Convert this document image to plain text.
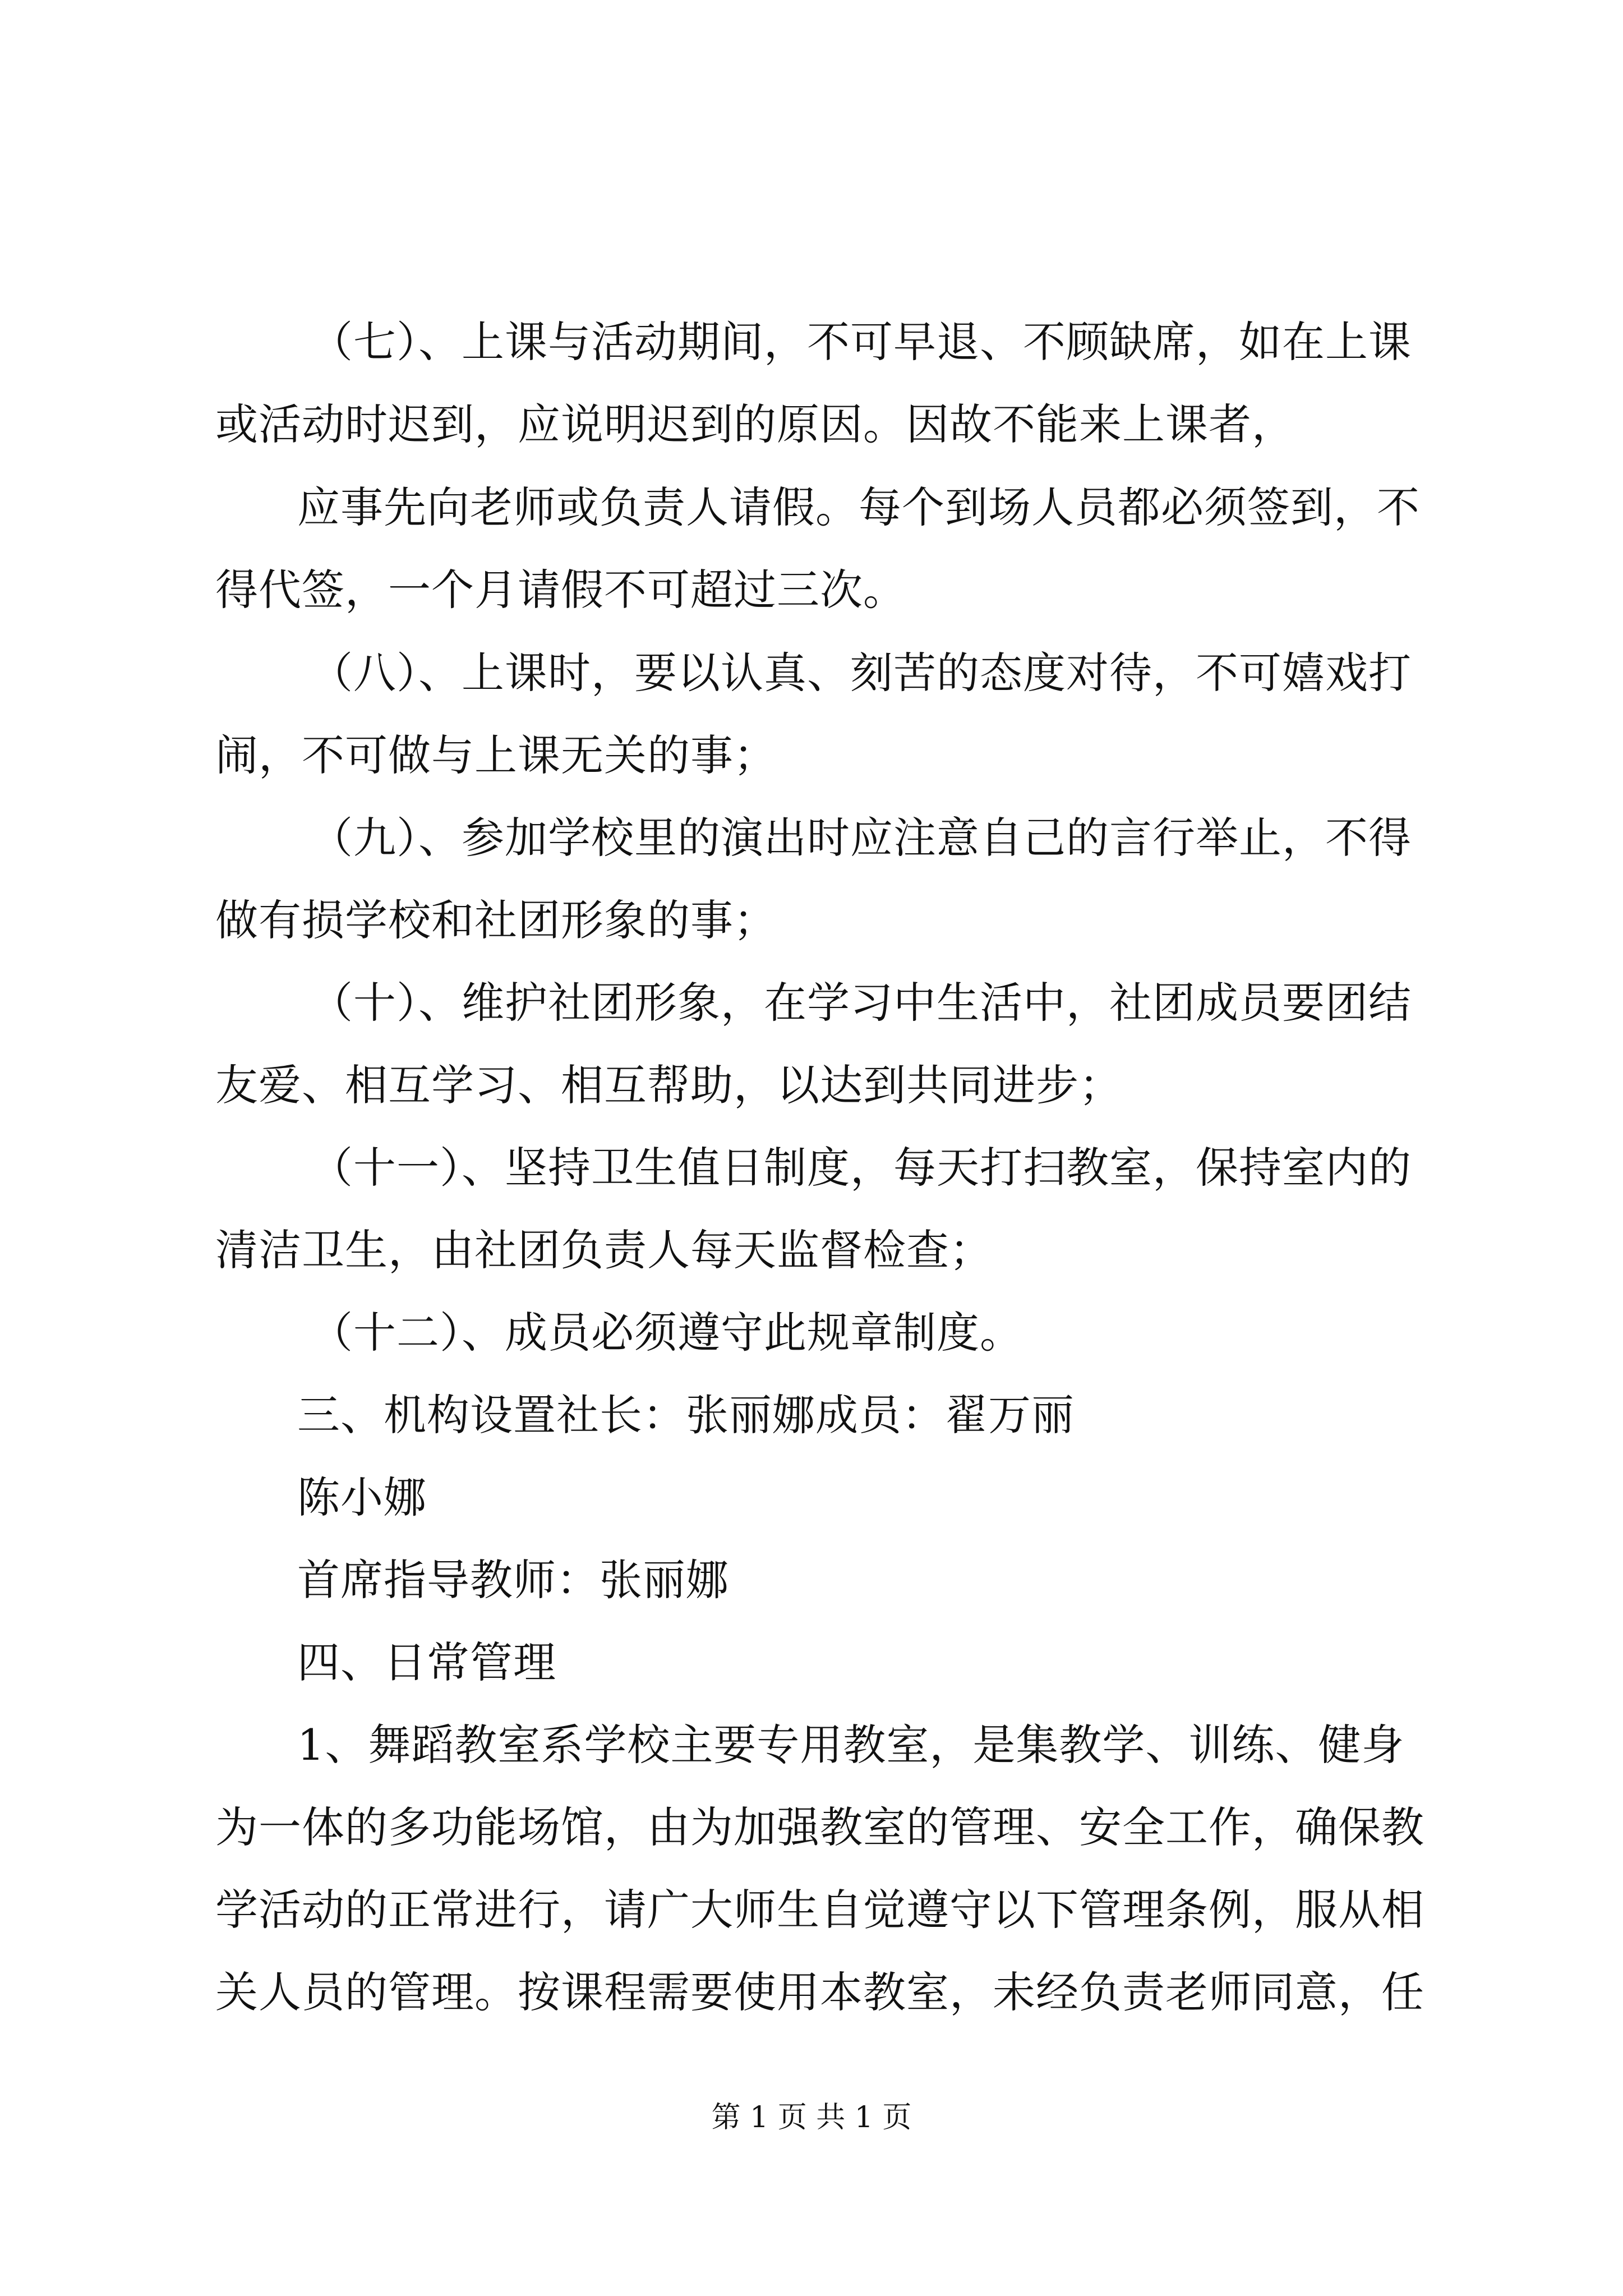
（七）、上课与活动期间，不可早退、不顾缺席，如在上课
或活动时迟到，应说明迟到的原因。因故不能来上课者，
应事先向老师或负责人请假。每个到场人员都必须签到，不
得代签，一个月请假不可超过三次。
（八）、上课时，要以认真、刻苦的态度对待，不可嬉戏打
闹，不可做与上课无关的事；
（九）、参加学校里的演出时应注意自己的言行举止，不得
做有损学校和社团形象的事；
（十）、维护社团形象，在学习中生活中，社团成员要团结
友爱、相互学习、相互帮助，以达到共同进步；
（十一）、坚持卫生值日制度，每天打扫教室，保持室内的
清洁卫生，由社团负责人每天监督检查；
（十二）、成员必须遵守此规章制度。
三、机构设置社长：张丽娜成员：翟万丽
陈小娜
首席指导教师：张丽娜
四、日常管理
1、舞蹈教室系学校主要专用教室，是集教学、训练、健身
为一体的多功能场馆，由为加强教室的管理、安全工作，确保教
学活动的正常进行，请广大师生自觉遵守以下管理条例，服从相
关人员的管理。按课程需要使用本教室，未经负责老师同意，任
第 1 页 共 1 页
